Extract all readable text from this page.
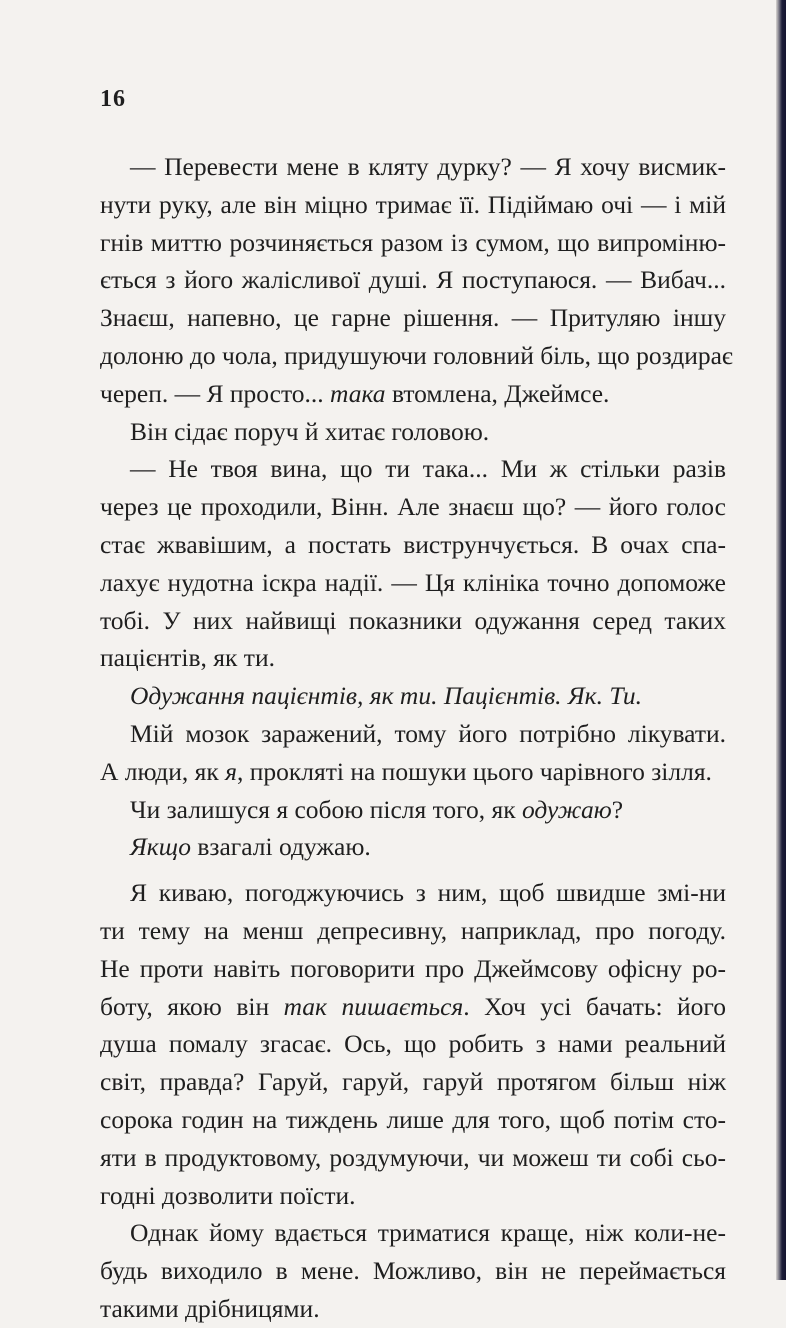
16

— Перевести мене в кляту дурку? — Я хочу висмик-
нути руку, але він міцно тримає її. Підіймаю очі — і мій
гнів миттю розчиняється разом із сумом, що випроміню-
ється з його жалісливої душі. Я поступаюся. — Вибач...
Знаєш, напевно, це гарне рішення. — Притуляю іншу
долоню до чола, придушуючи головний біль, що роздирає
череп. — Я просто... така втомлена, Джеймсе.

Він сідає поруч й хитає головою.

— Не твоя вина, що ти така... Ми ж стільки разів
через це проходили, Вінн. Але знаєш що? — його голос
стає жвавішим, а постать виструнчується. В очах спа-
лахує нудотна іскра надії. — Ця клініка точно допоможе
тобі. У них найвищі показники одужання серед таких
пацієнтів, як ти.

Одужання пацієнтів, як ти. Пацієнтів. Як. Ти.

Мій мозок заражений, тому його потрібно лікувати.
А люди, як я, прокляті на пошуки цього чарівного зілля.

Чи залишуся я собою після того, як одужаю?

Якщо взагалі одужаю.

Я киваю, погоджуючись з ним, щоб швидше змі-ни
ти тему на менш депресивну, наприклад, про погоду.
Не проти навіть поговорити про Джеймсову офісну ро-
боту, якою він так пишається. Хоч усі бачать: його
душа помалу згасає. Ось, що робить з нами реальний
світ, правда? Гаруй, гаруй, гаруй протягом більш ніж
сорока годин на тиждень лише для того, щоб потім сто-
яти в продуктовому, роздумуючи, чи можеш ти собі сьо-
годні дозволити поїсти.

Однак йому вдається триматися краще, ніж коли-не-
будь виходило в мене. Можливо, він не переймається
такими дрібницями.
